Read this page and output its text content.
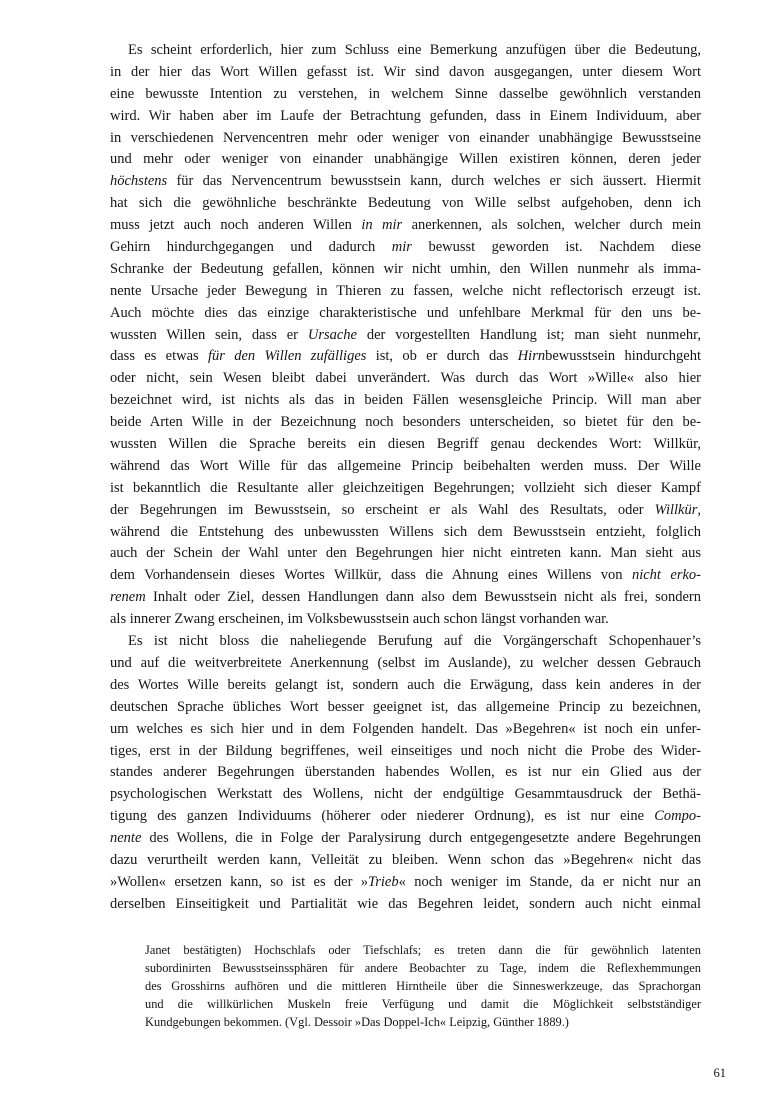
Es scheint erforderlich, hier zum Schluss eine Bemerkung anzufügen über die Bedeutung,
in der hier das Wort Willen gefasst ist. Wir sind davon ausgegangen, unter diesem Wort
eine bewusste Intention zu verstehen, in welchem Sinne dasselbe gewöhnlich verstanden
wird. Wir haben aber im Laufe der Betrachtung gefunden, dass in Einem Individuum, aber
in verschiedenen Nervencentren mehr oder weniger von einander unabhängige Bewusstseine
und mehr oder weniger von einander unabhängige Willen existiren können, deren jeder
höchstens für das Nervencentrum bewusstsein kann, durch welches er sich äussert. Hiermit
hat sich die gewöhnliche beschränkte Bedeutung von Wille selbst aufgehoben, denn ich
muss jetzt auch noch anderen Willen in mir anerkennen, als solchen, welcher durch mein
Gehirn hindurchgegangen und dadurch mir bewusst geworden ist. Nachdem diese
Schranke der Bedeutung gefallen, können wir nicht umhin, den Willen nunmehr als imma-
nente Ursache jeder Bewegung in Thieren zu fassen, welche nicht reflectorisch erzeugt ist.
Auch möchte dies das einzige charakteristische und unfehlbare Merkmal für den uns be-
wussten Willen sein, dass er Ursache der vorgestellten Handlung ist; man sieht nunmehr,
dass es etwas für den Willen zufälliges ist, ob er durch das Hirnbewusstsein hindurchgeht
oder nicht, sein Wesen bleibt dabei unverändert. Was durch das Wort »Wille« also hier
bezeichnet wird, ist nichts als das in beiden Fällen wesensgleiche Princip. Will man aber
beide Arten Wille in der Bezeichnung noch besonders unterscheiden, so bietet für den be-
wussten Willen die Sprache bereits ein diesen Begriff genau deckendes Wort: Willkür,
während das Wort Wille für das allgemeine Princip beibehalten werden muss. Der Wille
ist bekanntlich die Resultante aller gleichzeitigen Begehrungen; vollzieht sich dieser Kampf
der Begehrungen im Bewusstsein, so erscheint er als Wahl des Resultats, oder Willkür,
während die Entstehung des unbewussten Willens sich dem Bewusstsein entzieht, folglich
auch der Schein der Wahl unter den Begehrungen hier nicht eintreten kann. Man sieht aus
dem Vorhandensein dieses Wortes Willkür, dass die Ahnung eines Willens von nicht erko-
renem Inhalt oder Ziel, dessen Handlungen dann also dem Bewusstsein nicht als frei, sondern
als innerer Zwang erscheinen, im Volksbewusstsein auch schon längst vorhanden war.
Es ist nicht bloss die naheliegende Berufung auf die Vorgängerschaft Schopenhauer’s
und auf die weitverbreitete Anerkennung (selbst im Auslande), zu welcher dessen Gebrauch
des Wortes Wille bereits gelangt ist, sondern auch die Erwägung, dass kein anderes in der
deutschen Sprache übliches Wort besser geeignet ist, das allgemeine Princip zu bezeichnen,
um welches es sich hier und in dem Folgenden handelt. Das »Begehren« ist noch ein unfer-
tiges, erst in der Bildung begriffenes, weil einseitiges und noch nicht die Probe des Wider-
standes anderer Begehrungen überstanden habendes Wollen, es ist nur ein Glied aus der
psychologischen Werkstatt des Wollens, nicht der endgültige Gesammtausdruck der Bethä-
tigung des ganzen Individuums (höherer oder niederer Ordnung), es ist nur eine Compo-
nente des Wollens, die in Folge der Paralysirung durch entgegengesetzte andere Begehrungen
dazu verurtheilt werden kann, Velleität zu bleiben. Wenn schon das »Begehren« nicht das
»Wollen« ersetzen kann, so ist es der »Trieb« noch weniger im Stande, da er nicht nur an
derselben Einseitigkeit und Partialität wie das Begehren leidet, sondern auch nicht einmal
Janet bestätigten) Hochschlafs oder Tiefschlafs; es treten dann die für gewöhnlich latenten
subordinirten Bewusstseinssphären für andere Beobachter zu Tage, indem die Reflexhemmungen
des Grosshirns aufhören und die mittleren Hirntheile über die Sinneswerkzeuge, das Sprachorgan
und die willkürlichen Muskeln freie Verfügung und damit die Möglichkeit selbstständiger
Kundgebungen bekommen. (Vgl. Dessoir »Das Doppel-Ich« Leipzig, Günther 1889.)
61
